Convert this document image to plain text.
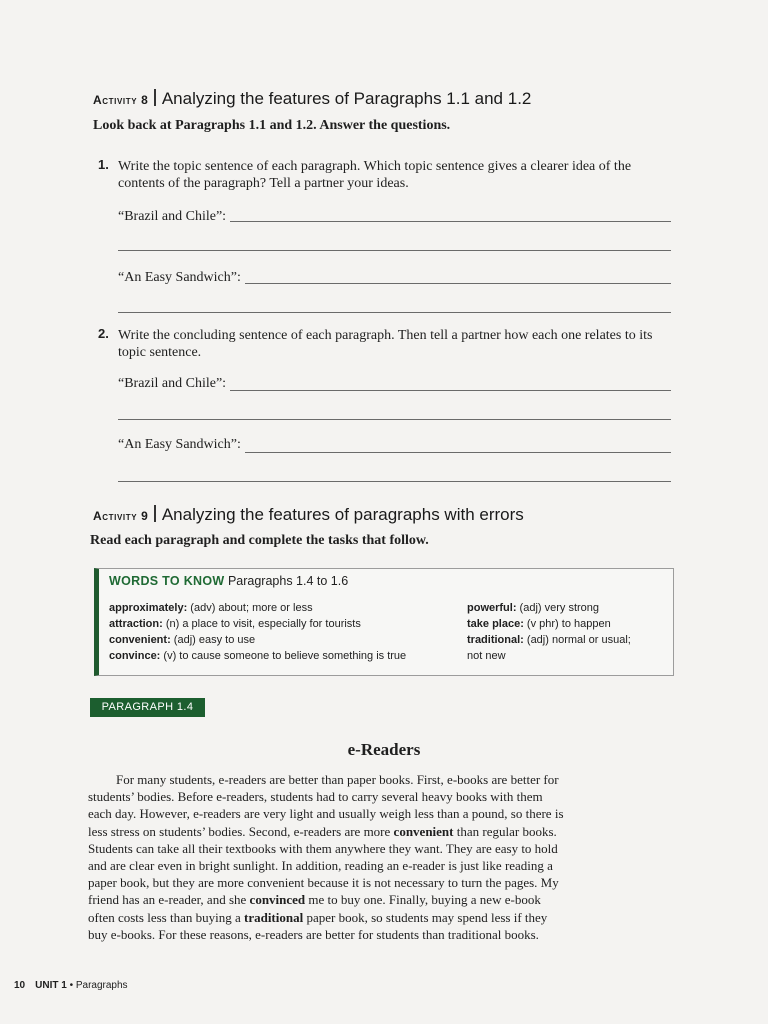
Activity 8 Analyzing the features of Paragraphs 1.1 and 1.2
Look back at Paragraphs 1.1 and 1.2. Answer the questions.
1. Write the topic sentence of each paragraph. Which topic sentence gives a clearer idea of the contents of the paragraph? Tell a partner your ideas.
“Brazil and Chile”:
“An Easy Sandwich”:
2. Write the concluding sentence of each paragraph. Then tell a partner how each one relates to its topic sentence.
“Brazil and Chile”:
“An Easy Sandwich”:
Activity 9 Analyzing the features of paragraphs with errors
Read each paragraph and complete the tasks that follow.
WORDS TO KNOW Paragraphs 1.4 to 1.6
approximately: (adv) about; more or less
attraction: (n) a place to visit, especially for tourists
convenient: (adj) easy to use
convince: (v) to cause someone to believe something is true
powerful: (adj) very strong
take place: (v phr) to happen
traditional: (adj) normal or usual;
not new
PARAGRAPH 1.4
e-Readers
For many students, e-readers are better than paper books. First, e-books are better for
students’ bodies. Before e-readers, students had to carry several heavy books with them
each day. However, e-readers are very light and usually weigh less than a pound, so there is
less stress on students’ bodies. Second, e-readers are more convenient than regular books.
Students can take all their textbooks with them anywhere they want. They are easy to hold
and are clear even in bright sunlight. In addition, reading an e-reader is just like reading a
paper book, but they are more convenient because it is not necessary to turn the pages. My
friend has an e-reader, and she convinced me to buy one. Finally, buying a new e-book
often costs less than buying a traditional paper book, so students may spend less if they
buy e-books. For these reasons, e-readers are better for students than traditional books.
10 UNIT 1 • Paragraphs
